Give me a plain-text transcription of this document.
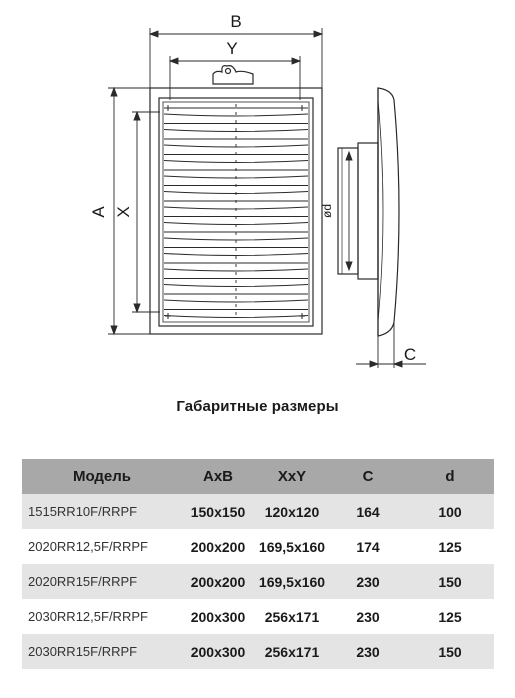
B
Y
A X	ød
C
Габаритные размеры
Модель	AxB	XxY	C	d
1515RR10F/RRPF	150x150	120x120	164	100
2020RR12,5F/RRPF	200x200	169,5x160	174	125
2020RR15F/RRPF	200x200	169,5x160	230	150
2030RR12,5F/RRPF	200x300	256x171	230	125
2030RR15F/RRPF	200x300	256x171	230	150
